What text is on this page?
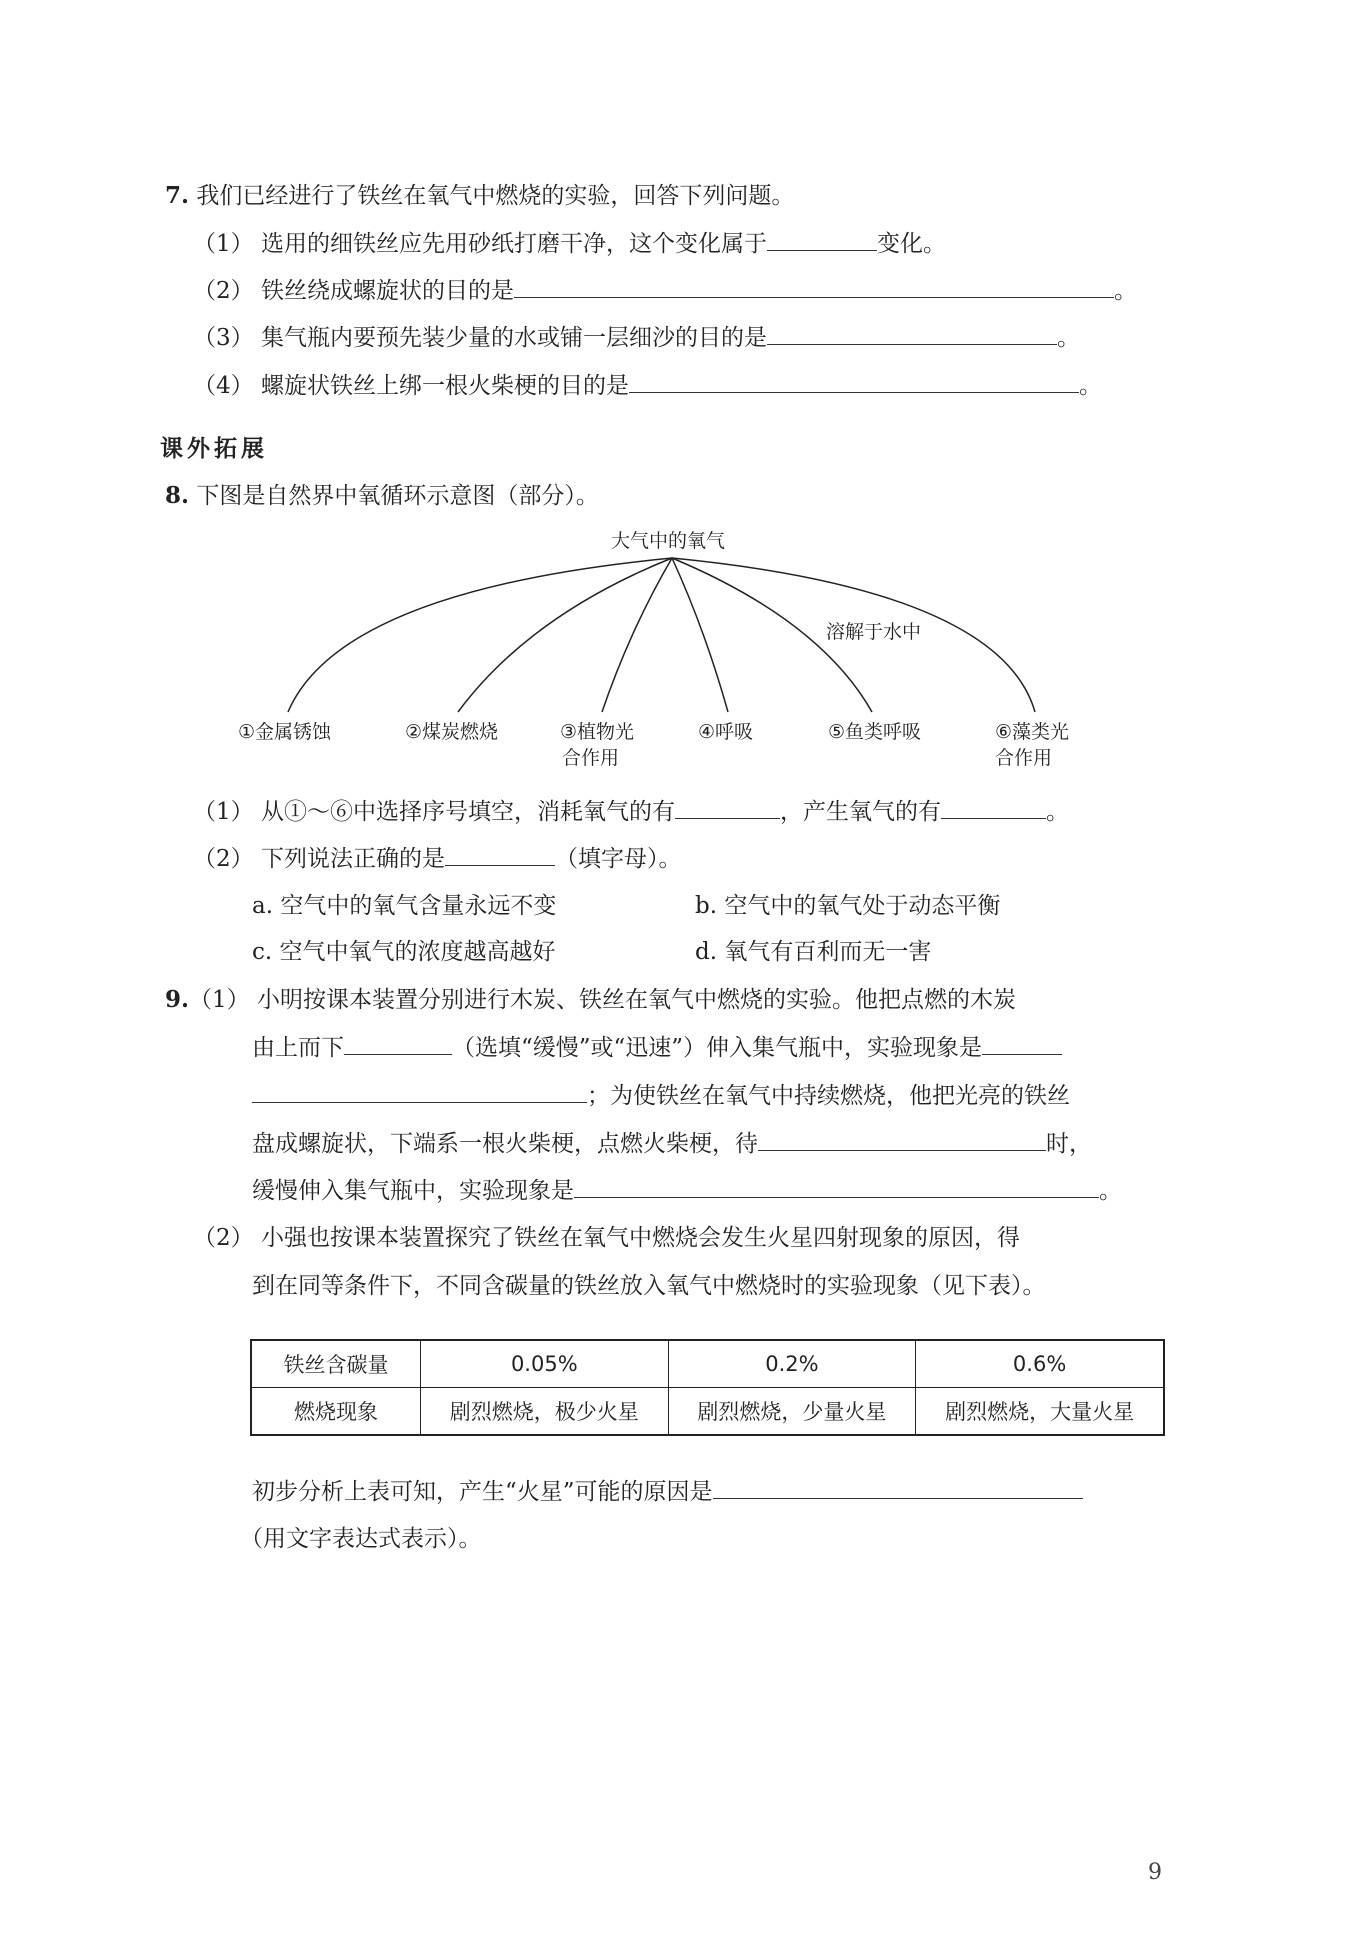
7. 我们已经进行了铁丝在氧气中燃烧的实验，回答下列问题。
（1） 选用的细铁丝应先用砂纸打磨干净，这个变化属于	变化。
（2） 铁丝绕成螺旋状的目的是	。
（3） 集气瓶内要预先装少量的水或铺一层细沙的目的是	。
（4） 螺旋状铁丝上绑一根火柴梗的目的是	。
课外拓展
8. 下图是自然界中氧循环示意图（部分）。
大气中的氧气
溶解于水中
①金属锈蚀	②煤炭燃烧	③植物光
合作用
④呼吸	⑤鱼类呼吸	⑥藻类光
合作用
（1） 从①～⑥中选择序号填空，消耗氧气的有	，产生氧气的有	。
（2） 下列说法正确的是	（填字母）。
a. 空气中的氧气含量永远不变	b. 空气中的氧气处于动态平衡
c. 空气中氧气的浓度越高越好	d. 氧气有百利而无一害
9.（1） 小明按课本装置分别进行木炭、铁丝在氧气中燃烧的实验。他把点燃的木炭
由上而下	（选填“缓慢”或“迅速”）伸入集气瓶中，实验现象是
；为使铁丝在氧气中持续燃烧，他把光亮的铁丝
盘成螺旋状，下端系一根火柴梗，点燃火柴梗，待	时，
缓慢伸入集气瓶中，实验现象是	。
（2） 小强也按课本装置探究了铁丝在氧气中燃烧会发生火星四射现象的原因，得
到在同等条件下，不同含碳量的铁丝放入氧气中燃烧时的实验现象（见下表）。
铁丝含碳量	0.05%	0.2%	0.6%
燃烧现象	剧烈燃烧，极少火星	剧烈燃烧，少量火星	剧烈燃烧，大量火星
初步分析上表可知，产生“火星”可能的原因是
（用文字表达式表示）。
9
